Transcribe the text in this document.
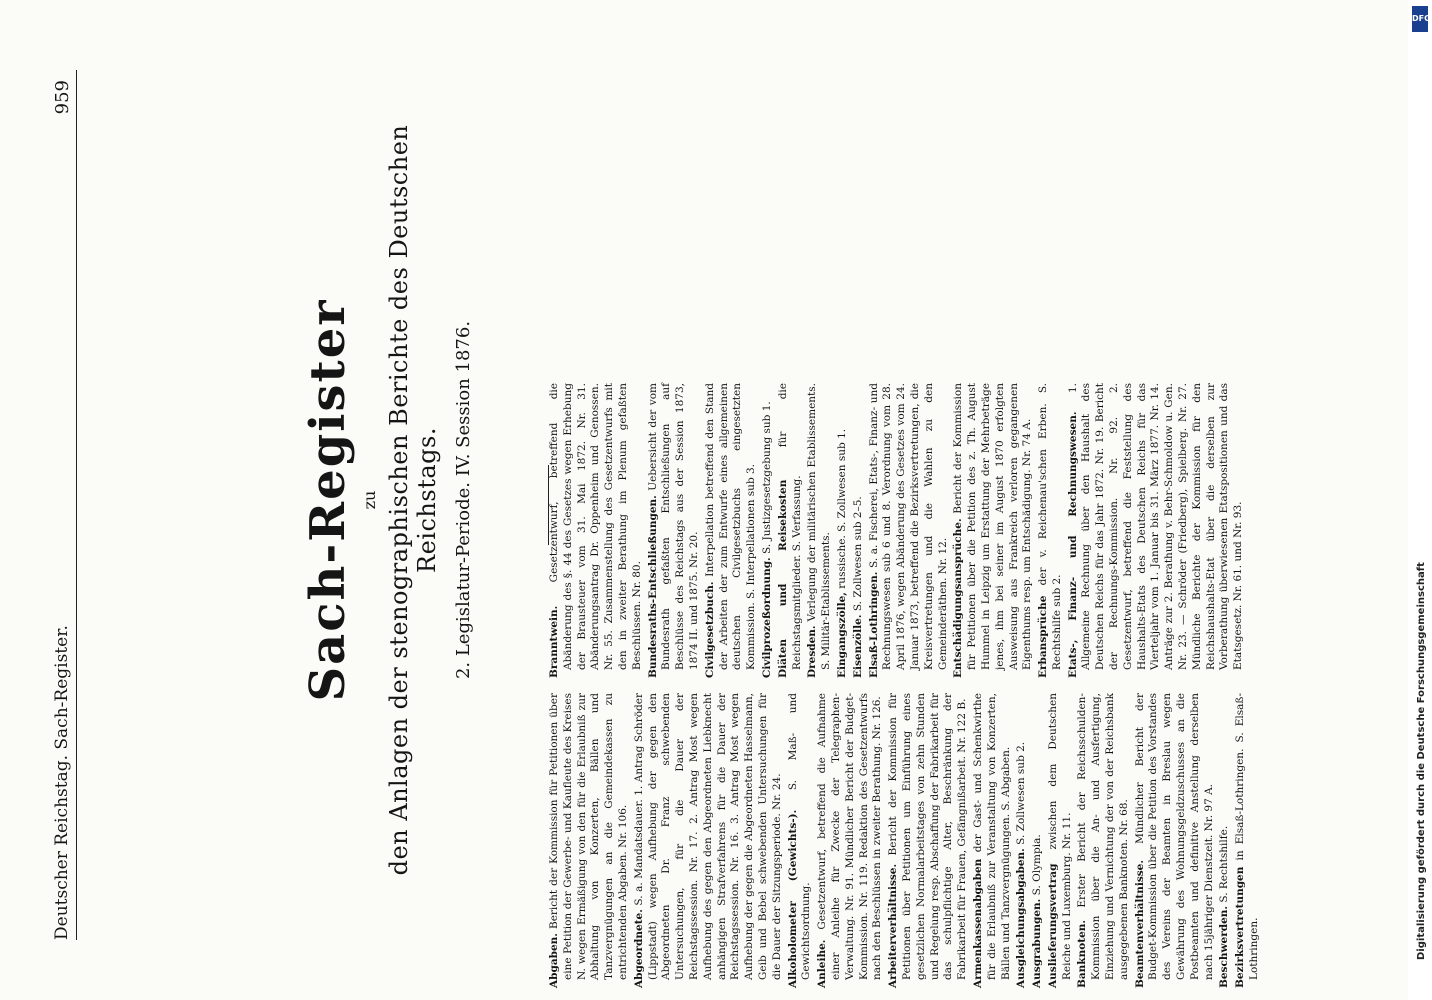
Deutscher Reichstag. Sach-Register.
959
Sach-Register zu den Anlagen der stenographischen Berichte des Deutschen Reichstags. 2. Legislatur-Periode. IV. Session 1876.

Abgaben. Bericht der Kommission für Petitionen über eine Petition der Gewerbe- und Kaufleute des Kreises N. wegen Ermäßigung von den für die Erlaubniß zur Abhaltung von Konzerten, Bällen und Tanzvergnügungen an die Gemeindekassen zu entrichtenden Abgaben. Nr. 106. Abgeordnete. S. a. Mandatsdauer. 1. Antrag Schröder (Lippstadt) wegen Aufhebung der gegen den Abgeordneten Dr. Franz schwebenden Untersuchungen, für die Dauer der Reichstagssession. Nr. 17. 2. Antrag Most wegen Aufhebung des gegen den Abgeordneten Liebknecht anhängigen Strafverfahrens für die Dauer der Reichstagssession. Nr. 16. 3. Antrag Most wegen Aufhebung der gegen die Abgeordneten Hasselmann, Geib und Bebel schwebenden Untersuchungen für die Dauer der Sitzungsperiode. Nr. 24. Alkoholometer (Gewichts-). S. Maß- und Gewichtsordnung. Anleihe. Gesetzentwurf, betreffend die Aufnahme einer Anleihe für Zwecke der Telegraphen-Verwaltung. Nr. 91. Mündlicher Bericht der Budget-Kommission. Nr. 119. Redaktion des Gesetzentwurfs nach den Beschlüssen in zweiter Berathung. Nr. 126. Arbeiterverhältnisse. Bericht der Kommission für Petitionen über Petitionen um Einführung eines gesetzlichen Normalarbeitstages von zehn Stunden und Regelung resp. Abschaffung der Fabrikarbeit für das schulpflichtige Alter, Beschränkung der Fabrikarbeit für Frauen, Gefängnißarbeit. Nr. 122 B. Armenkassenabgaben der Gast- und Schenkwirthe für die Erlaubniß zur Veranstaltung von Konzerten, Bällen und Tanzvergnügungen. S. Abgaben. Ausgleichungsabgaben. S. Zollwesen sub 2.

Ausgrabungen. S. Olympia. Auslieferungsvertrag zwischen dem Deutschen Reiche und Luxemburg. Nr. 11. Banknoten. Erster Bericht der Reichsschulden-Kommission über die An- und Ausfertigung, Einziehung und Vernichtung der von der Reichsbank ausgegebenen Banknoten. Nr. 68. Beamtenverhältnisse. Mündlicher Bericht der Budget-Kommission über die Petition des Vorstandes des Vereins der Beamten in Breslau wegen Gewährung des Wohnungsgeldzuschusses an die Postbeamten und definitive Anstellung derselben nach 15jähriger Dienstzeit. Nr. 97 A. Beschwerden. S. Rechtshilfe.

Bezirksvertretungen in Elsaß-Lothringen. S. Elsaß-Lothringen.

Branntwein. Gesetzentwurf, betreffend die Abänderung des §. 44 des Gesetzes wegen Erhebung der Brausteuer vom 31. Mai 1872. Nr. 31. Abänderungsantrag Dr. Oppenheim und Genossen. Nr. 55. Zusammenstellung des Gesetzentwurfs mit den in zweiter Berathung im Plenum gefaßten Beschlüssen. Nr. 80. Bundesraths-Entschließungen. Uebersicht der vom Bundesrath gefaßten Entschließungen auf Beschlüsse des Reichstags aus der Session 1873, 1874 II. und 1875. Nr. 20. Civilgesetzbuch. Interpellation betreffend den Stand der Arbeiten der zum Entwurfe eines allgemeinen deutschen Civilgesetzbuchs eingesetzten Kommission. S. Interpellationen sub 3. Civilprozeßordnung. S. Justizgesetzgebung sub 1.

Diäten und Reisekosten für die Reichstagsmitglieder. S. Verfassung. Dresden. Verlegung der militärischen Etablissements. S. Militär-Etablissements. Eingangszölle, russische. S. Zollwesen sub 1.

Eisenzölle. S. Zollwesen sub 2–5.

Elsaß-Lothringen. S. a. Fischerei, Etats-, Finanz- und Rechnungswesen sub 6 und 8. Verordnung vom 28. April 1876, wegen Abänderung des Gesetzes vom 24. Januar 1873, betreffend die Bezirksvertretungen, die Kreisvertretungen und die Wahlen zu den Gemeinderäthen. Nr. 12. Entschädigungsansprüche. Bericht der Kommission für Petitionen über die Petition des z. Th. August Hummel in Leipzig um Erstattung der Mehrbeträge jenes, ihm bei seiner im August 1870 erfolgten Ausweisung aus Frankreich verloren gegangenen Eigenthums resp. um Entschädigung. Nr. 74 A. Erbansprüche der v. Reichenau'schen Erben. S. Rechtshilfe sub 2. Etats-, Finanz- und Rechnungswesen. 1. Allgemeine Rechnung über den Haushalt des Deutschen Reichs für das Jahr 1872. Nr. 19. Bericht der Rechnungs-Kommission. Nr. 92. 2. Gesetzentwurf, betreffend die Feststellung des Haushalts-Etats des Deutschen Reichs für das Vierteljahr vom 1. Januar bis 31. März 1877. Nr. 14. Anträge zur 2. Berathung v. Behr-Schmoldow u. Gen. Nr. 23. — Schröder (Friedberg), Spielberg. Nr. 27. Mündliche Berichte der Kommission für den Reichshaushalts-Etat über die derselben zur Vorberathung überwiesenen Etatspositionen und das Etatsgesetz. Nr. 61. und Nr. 93.

DFG
Digitalisierung gefördert durch die Deutsche Forschungsgemeinschaft
